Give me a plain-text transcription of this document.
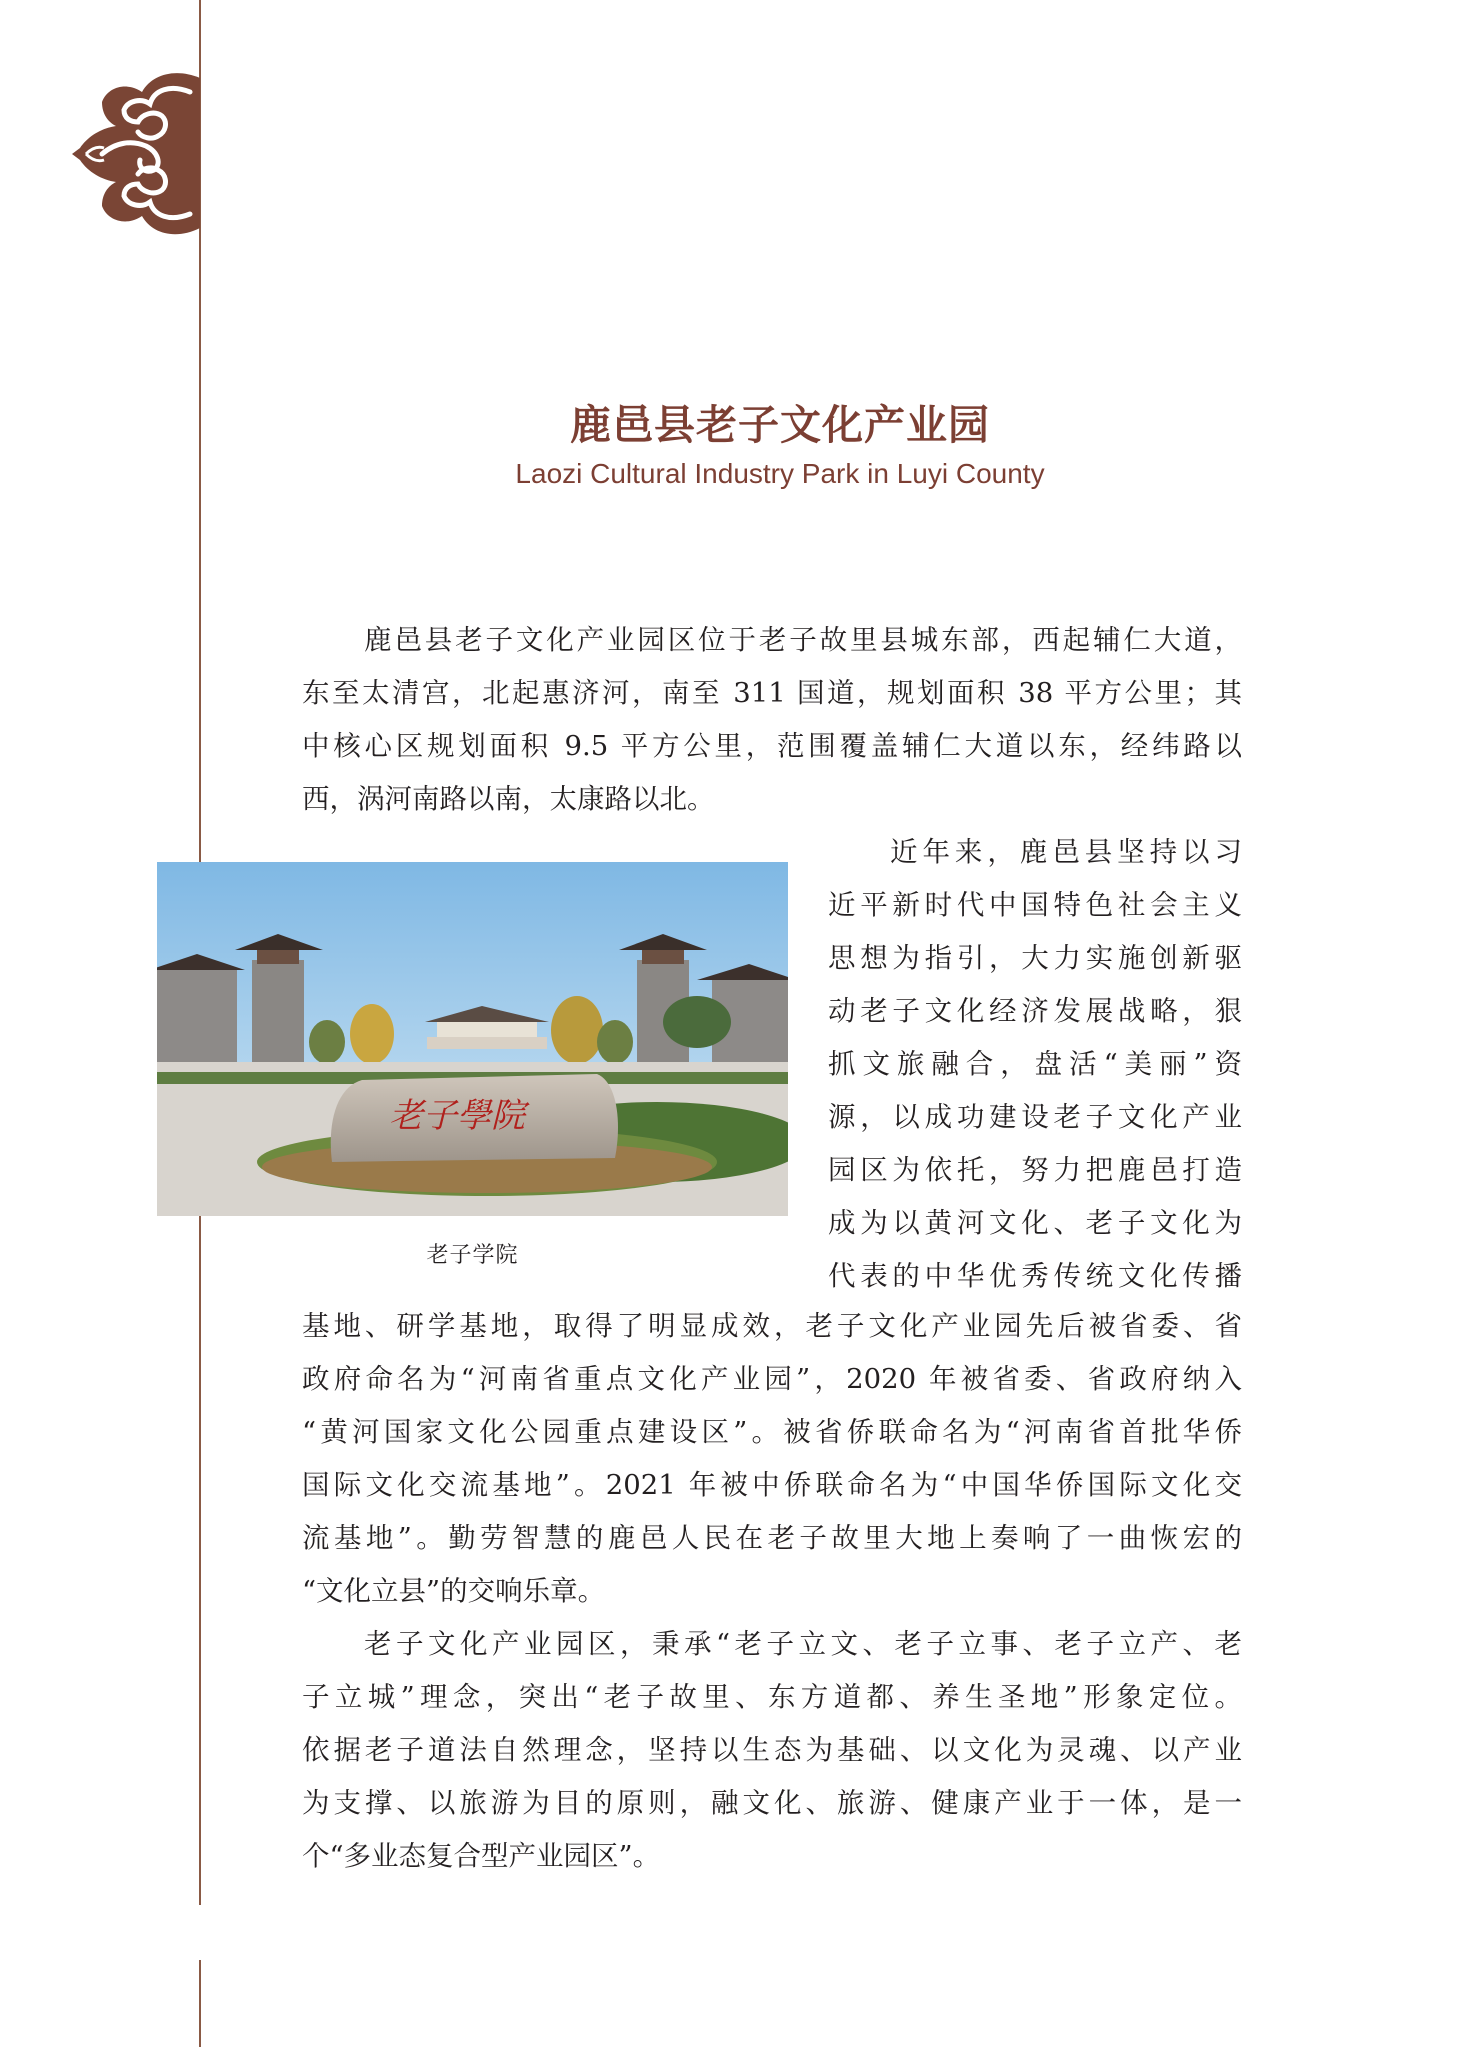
鹿邑县老子文化产业园
Laozi Cultural Industry Park in Luyi County
鹿邑县老子文化产业园区位于老子故里县城东部，西起辅仁大道，
东至太清宫，北起惠济河，南至 311 国道，规划面积 38 平方公里；其
中核心区规划面积 9.5 平方公里，范围覆盖辅仁大道以东，经纬路以
西，涡河南路以南，太康路以北。
老子學院
老子学院
近年来，鹿邑县坚持以习
近平新时代中国特色社会主义
思想为指引，大力实施创新驱
动老子文化经济发展战略，狠
抓文旅融合，盘活“美丽”资
源，以成功建设老子文化产业
园区为依托，努力把鹿邑打造
成为以黄河文化、老子文化为
代表的中华优秀传统文化传播
基地、研学基地，取得了明显成效，老子文化产业园先后被省委、省
政府命名为“河南省重点文化产业园”，2020 年被省委、省政府纳入
“黄河国家文化公园重点建设区”。被省侨联命名为“河南省首批华侨
国际文化交流基地”。2021 年被中侨联命名为“中国华侨国际文化交
流基地”。勤劳智慧的鹿邑人民在老子故里大地上奏响了一曲恢宏的
“文化立县”的交响乐章。
老子文化产业园区，秉承“老子立文、老子立事、老子立产、老
子立城”理念，突出“老子故里、东方道都、养生圣地”形象定位。
依据老子道法自然理念，坚持以生态为基础、以文化为灵魂、以产业
为支撑、以旅游为目的原则，融文化、旅游、健康产业于一体，是一
个“多业态复合型产业园区”。
